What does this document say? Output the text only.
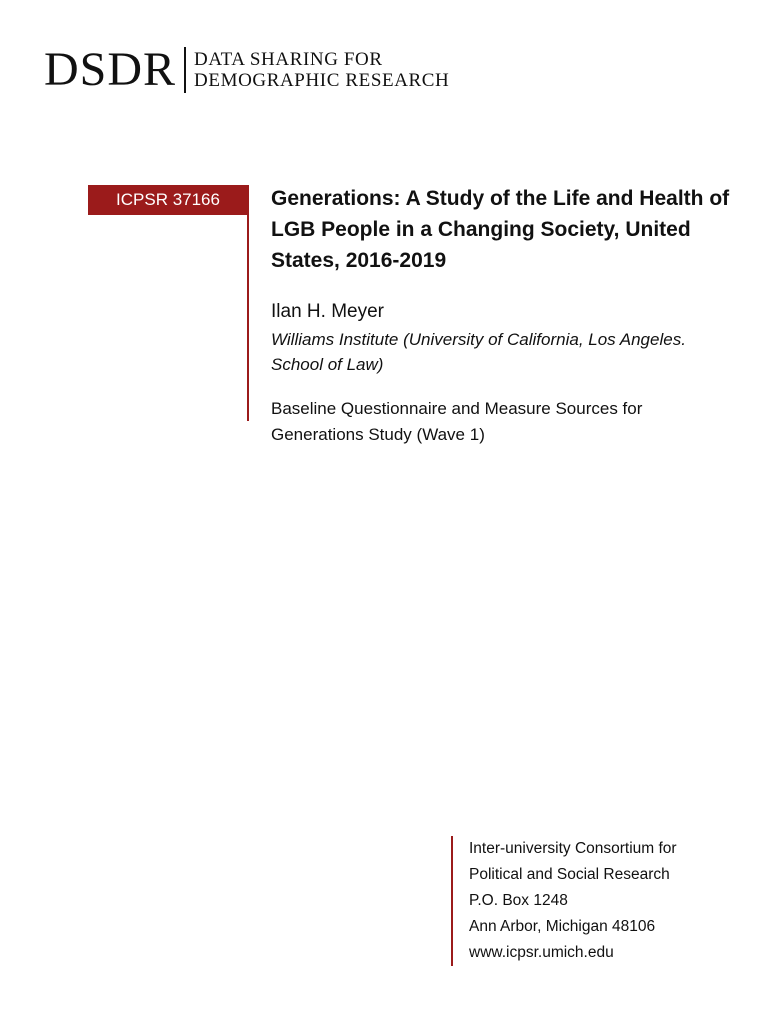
DSDR DATA SHARING FOR
DEMOGRAPHIC RESEARCH
ICPSR 37166	Generations: A Study of the Life and Health of LGB People in a Changing Society, United States, 2016-2019
Ilan H. Meyer
Williams Institute (University of California, Los Angeles. School of Law)
Baseline Questionnaire and Measure Sources for Generations Study (Wave 1)
Inter-university Consortium for
Political and Social Research
P.O. Box 1248
Ann Arbor, Michigan 48106
www.icpsr.umich.edu
